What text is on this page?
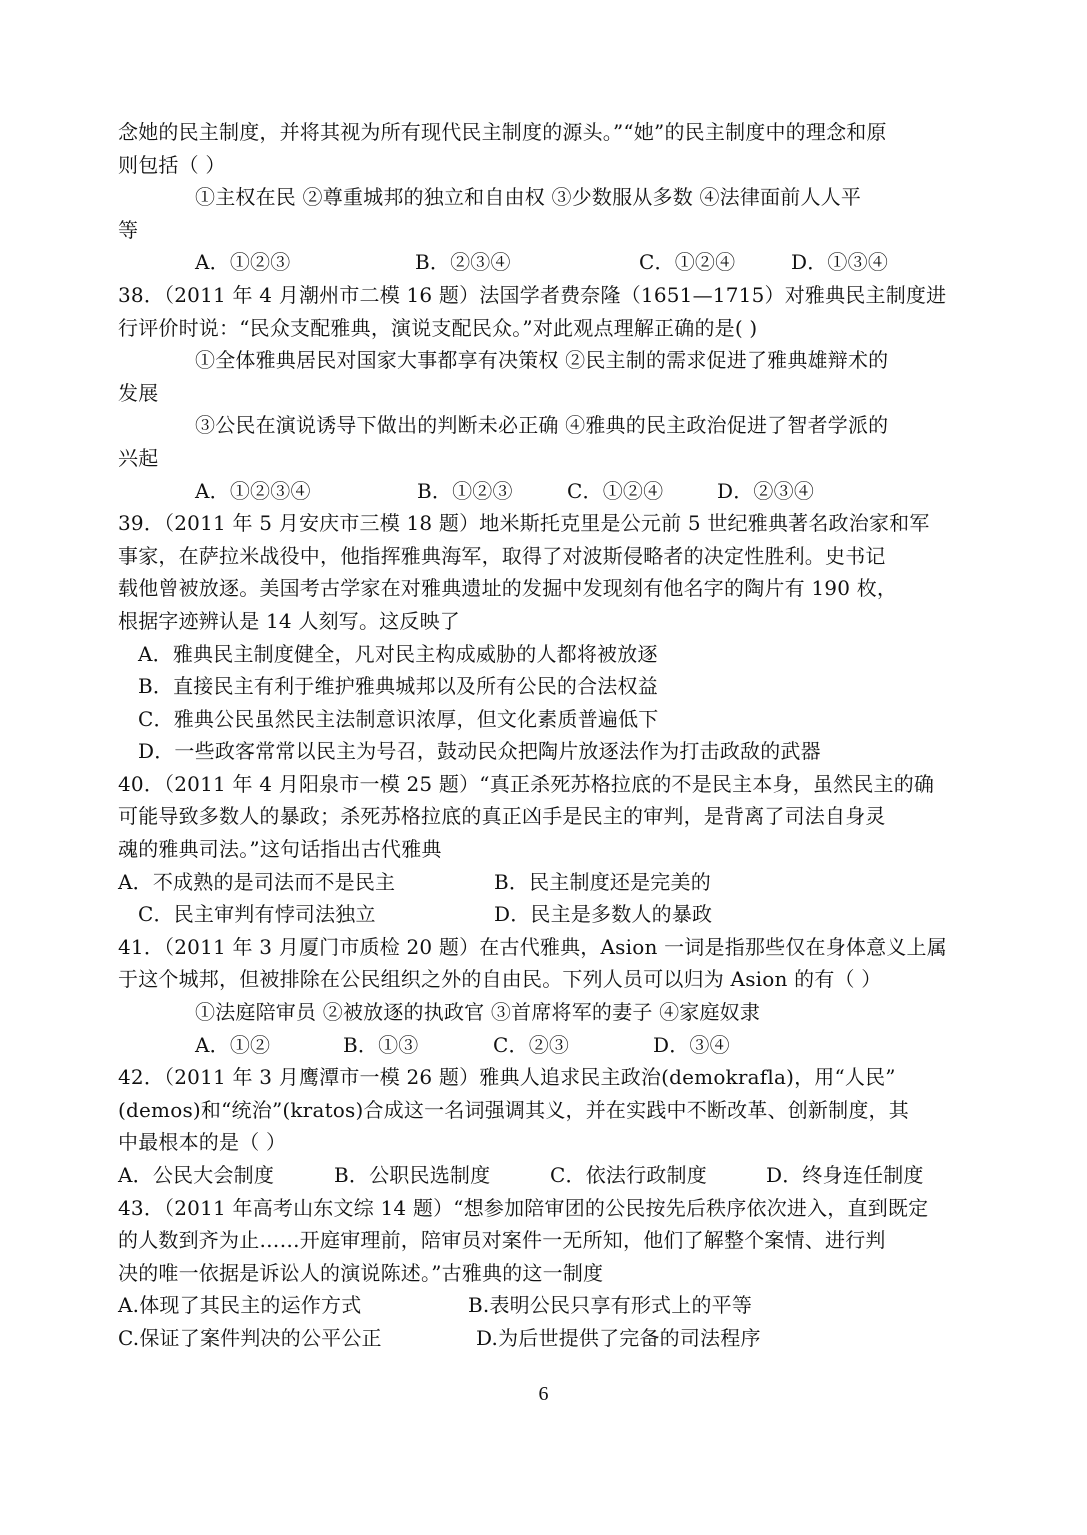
念她的民主制度，并将其视为所有现代民主制度的源头。”“她”的民主制度中的理念和原
则包括（ ）
①主权在民 ②尊重城邦的独立和自由权 ③少数服从多数 ④法律面前人人平
等
A．①②③	B．②③④	C．①②④	D．①③④
38．（2011 年 4 月潮州市二模 16 题）法国学者费奈隆（1651—1715）对雅典民主制度进
行评价时说：“民众支配雅典，演说支配民众。”对此观点理解正确的是( )
①全体雅典居民对国家大事都享有决策权 ②民主制的需求促进了雅典雄辩术的
发展
③公民在演说诱导下做出的判断未必正确 ④雅典的民主政治促进了智者学派的
兴起
A．①②③④	B．①②③	C．①②④	D．②③④
39．（2011 年 5 月安庆市三模 18 题）地米斯托克里是公元前 5 世纪雅典著名政治家和军
事家，在萨拉米战役中，他指挥雅典海军，取得了对波斯侵略者的决定性胜利。史书记
载他曾被放逐。美国考古学家在对雅典遗址的发掘中发现刻有他名字的陶片有 190 枚，
根据字迹辨认是 14 人刻写。这反映了
A．雅典民主制度健全，凡对民主构成威胁的人都将被放逐
B．直接民主有利于维护雅典城邦以及所有公民的合法权益
C．雅典公民虽然民主法制意识浓厚，但文化素质普遍低下
D．一些政客常常以民主为号召，鼓动民众把陶片放逐法作为打击政敌的武器
40．（2011 年 4 月阳泉市一模 25 题）“真正杀死苏格拉底的不是民主本身，虽然民主的确
可能导致多数人的暴政；杀死苏格拉底的真正凶手是民主的审判，是背离了司法自身灵
魂的雅典司法。”这句话指出古代雅典
A．不成熟的是司法而不是民主	B．民主制度还是完美的
C．民主审判有悖司法独立	D．民主是多数人的暴政
41．（2011 年 3 月厦门市质检 20 题）在古代雅典，Asion 一词是指那些仅在身体意义上属
于这个城邦，但被排除在公民组织之外的自由民。下列人员可以归为 Asion 的有（ ）
①法庭陪审员 ②被放逐的执政官 ③首席将军的妻子 ④家庭奴隶
A．①②	B．①③	C．②③	D．③④
42．（2011 年 3 月鹰潭市一模 26 题）雅典人追求民主政治(demokrafla)，用“人民”
(demos)和“统治”(kratos)合成这一名词强调其义，并在实践中不断改革、创新制度，其
中最根本的是（ ）
A．公民大会制度	B．公职民选制度	C．依法行政制度	D．终身连任制度
43．（2011 年高考山东文综 14 题）“想参加陪审团的公民按先后秩序依次进入，直到既定
的人数到齐为止……开庭审理前，陪审员对案件一无所知，他们了解整个案情、进行判
决的唯一依据是诉讼人的演说陈述。”古雅典的这一制度
A.体现了其民主的运作方式	B.表明公民只享有形式上的平等
C.保证了案件判决的公平公正	D.为后世提供了完备的司法程序
6
